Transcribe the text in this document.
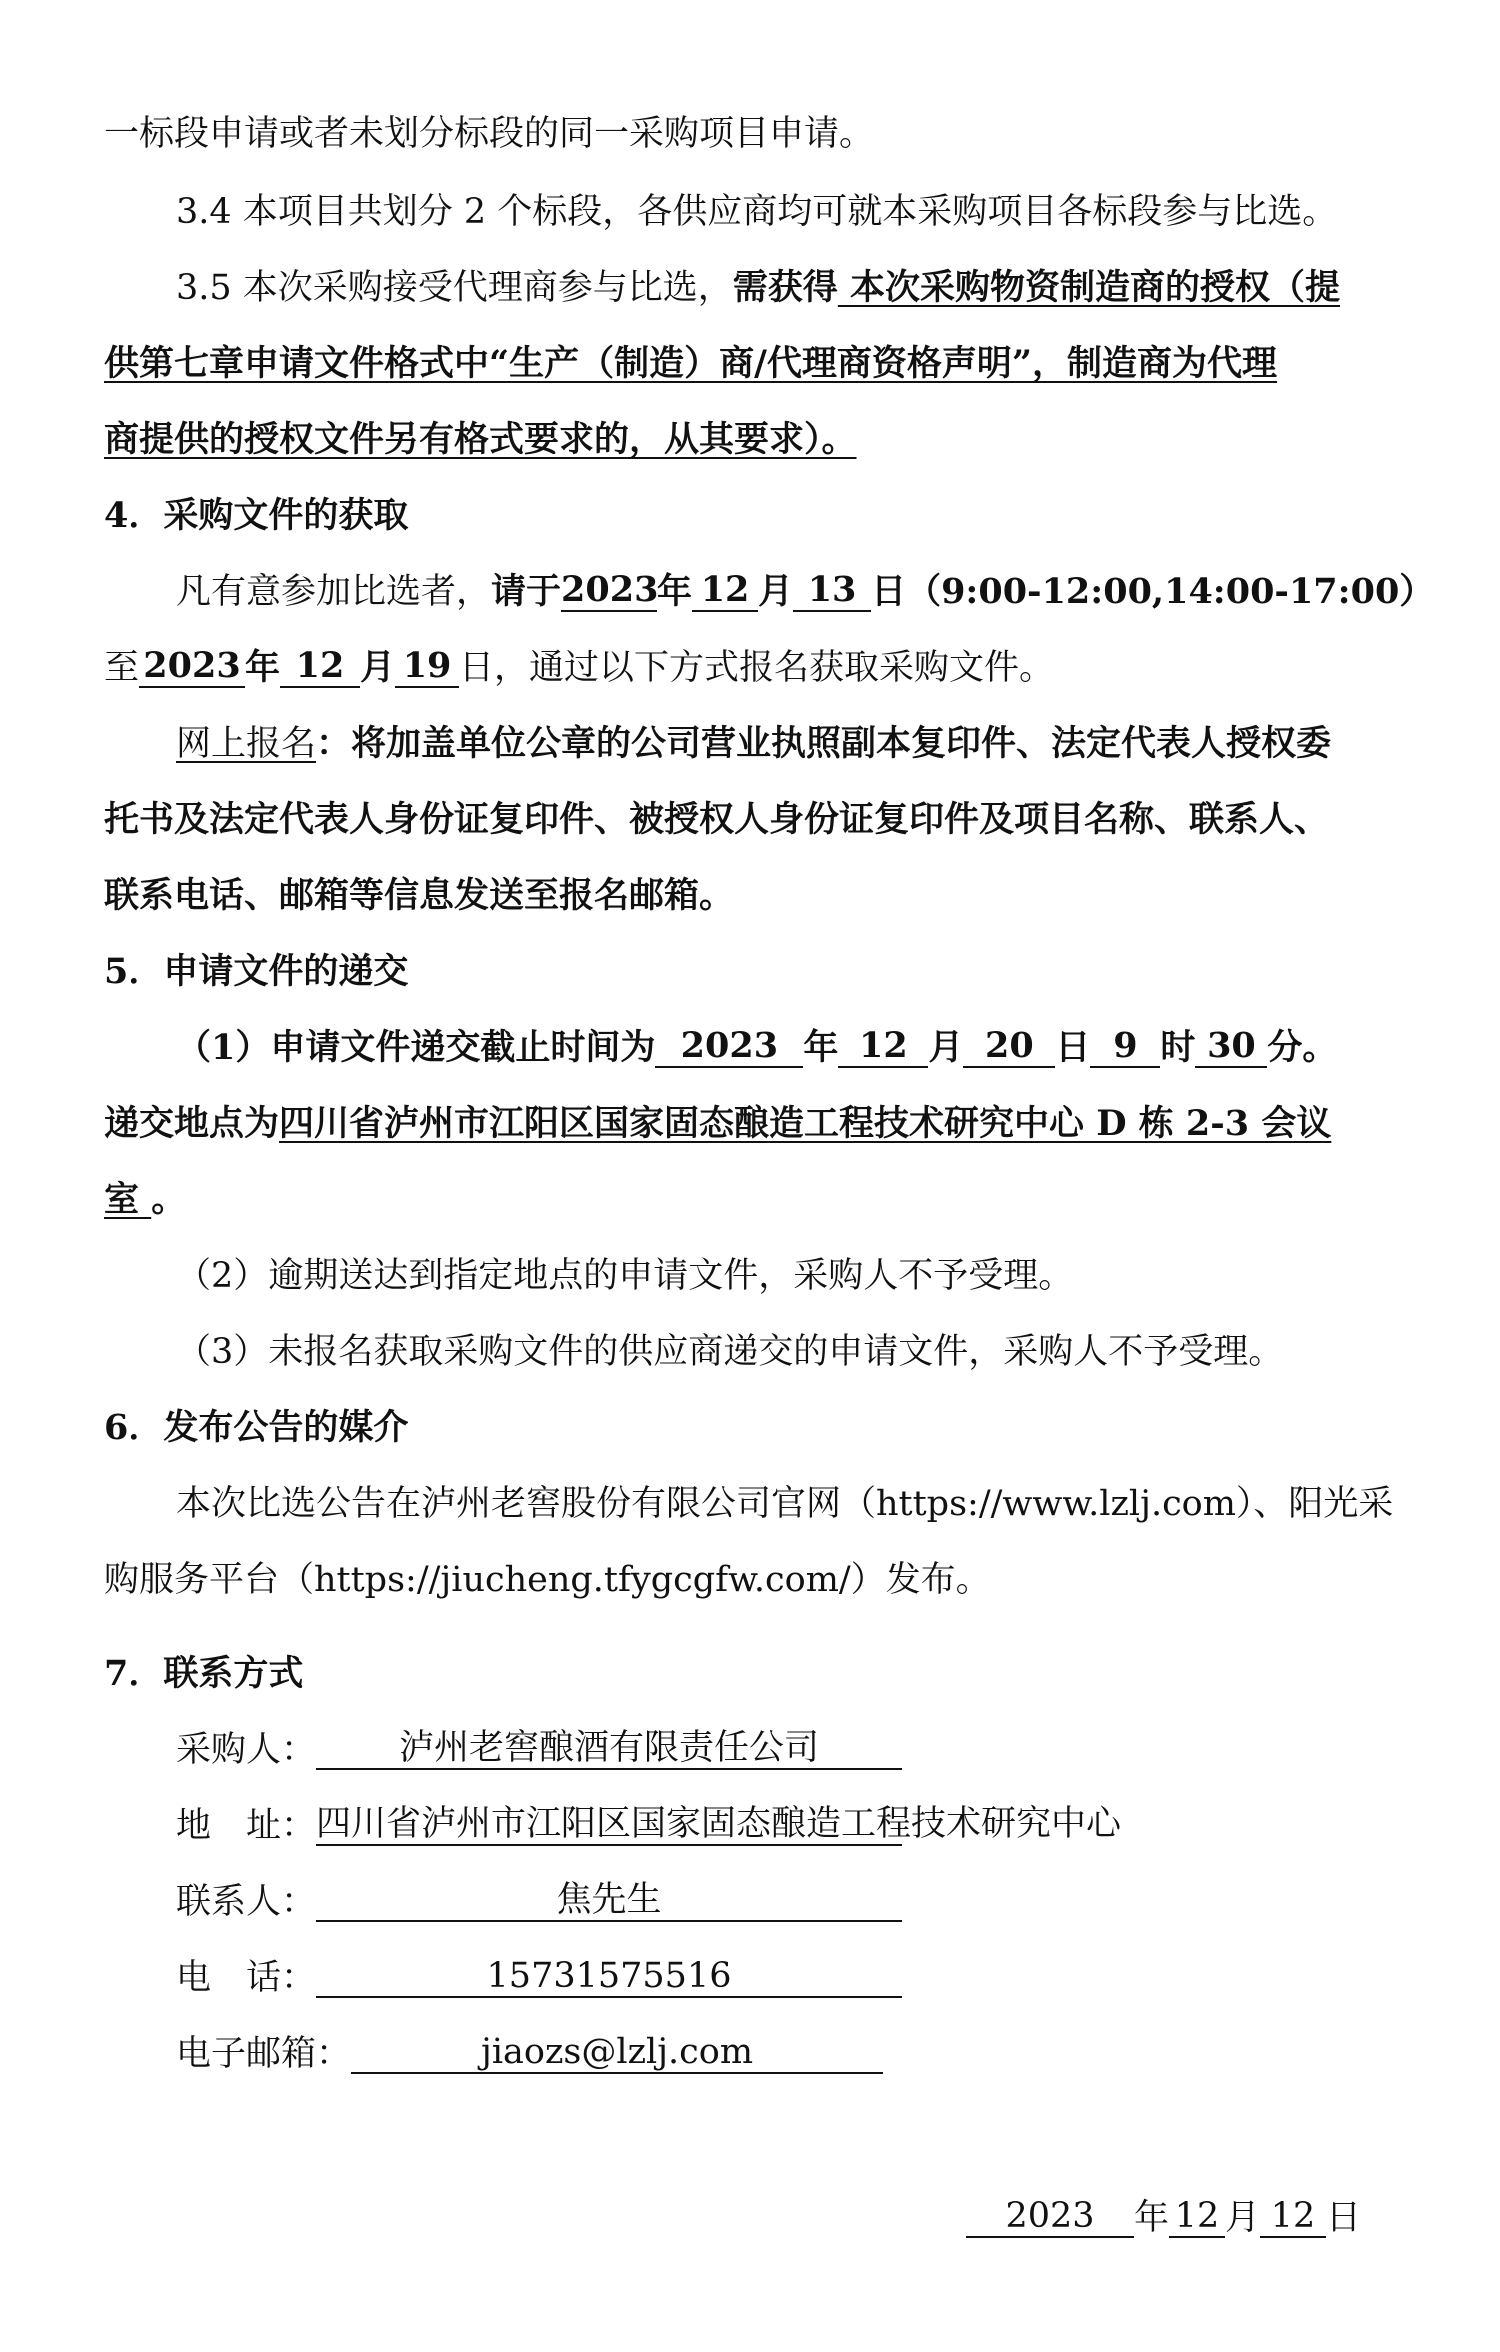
一标段申请或者未划分标段的同一采购项目申请。
3.4 本项目共划分 2 个标段，各供应商均可就本采购项目各标段参与比选。
3.5 本次采购接受代理商参与比选，需获得 本次采购物资制造商的授权（提
供第七章申请文件格式中“生产（制造）商/代理商资格声明”，制造商为代理
商提供的授权文件另有格式要求的，从其要求）。
4．采购文件的获取
凡有意参加比选者，请于2023年 12 月 13 日（9:00-12:00,14:00-17:00）
至 2023 年 12 月 19 日，通过以下方式报名获取采购文件。
网上报名：将加盖单位公章的公司营业执照副本复印件、法定代表人授权委
托书及法定代表人身份证复印件、被授权人身份证复印件及项目名称、联系人、
联系电话、邮箱等信息发送至报名邮箱。
5．申请文件的递交
（1）申请文件递交截止时间为 2023 年 12 月 20 日 9 时 30 分。
递交地点为四川省泸州市江阳区国家固态酿造工程技术研究中心 D 栋 2-3 会议
室 。
（2）逾期送达到指定地点的申请文件，采购人不予受理。
（3）未报名获取采购文件的供应商递交的申请文件，采购人不予受理。
6．发布公告的媒介
本次比选公告在泸州老窖股份有限公司官网（https://www.lzlj.com）、阳光采
购服务平台（https://jiucheng.tfygcgfw.com/）发布。
7．联系方式
采购人： 泸州老窖酿酒有限责任公司
地　址：四川省泸州市江阳区国家固态酿造工程技术研究中心
联系人：	焦先生
电　话：	15731575516
电子邮箱：	jiaozs@lzlj.com
2023 年 12 月 12 日
